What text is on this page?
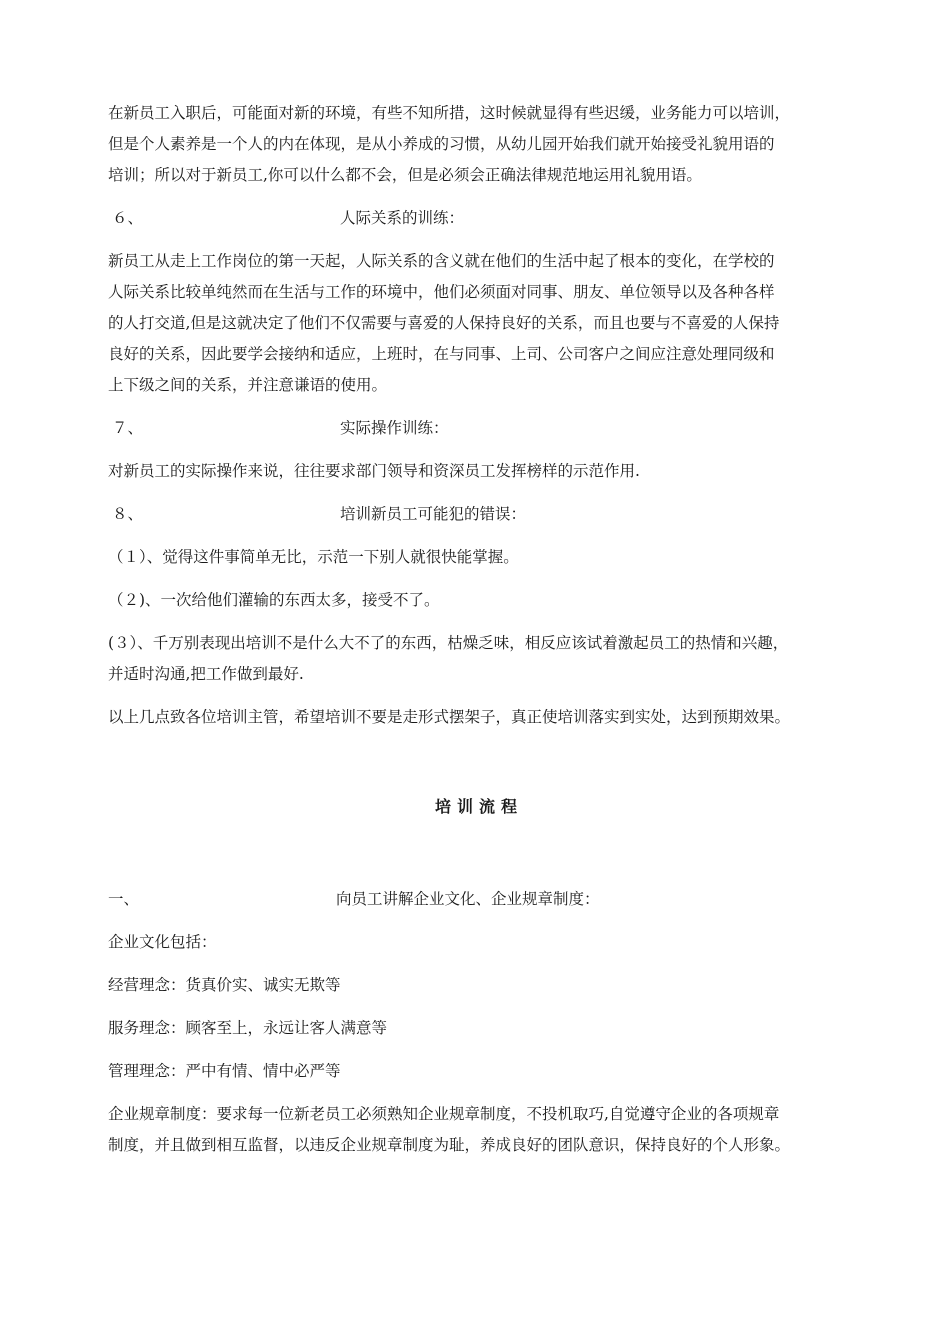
在新员工入职后，可能面对新的环境，有些不知所措，这时候就显得有些迟缓，业务能力可以培训，
但是个人素养是一个人的内在体现，是从小养成的习惯，从幼儿园开始我们就开始接受礼貌用语的
培训；所以对于新员工,你可以什么都不会，但是必须会正确法律规范地运用礼貌用语。

６、	人际关系的训练：

新员工从走上工作岗位的第一天起，人际关系的含义就在他们的生活中起了根本的变化，在学校的
人际关系比较单纯然而在生活与工作的环境中，他们必须面对同事、朋友、单位领导以及各种各样
的人打交道,但是这就决定了他们不仅需要与喜爱的人保持良好的关系，而且也要与不喜爱的人保持
良好的关系，因此要学会接纳和适应，上班时，在与同事、上司、公司客户之间应注意处理同级和
上下级之间的关系，并注意谦语的使用。

７、	实际操作训练：

对新员工的实际操作来说，往往要求部门领导和资深员工发挥榜样的示范作用.

８、	培训新员工可能犯的错误：

（１）、觉得这件事简单无比，示范一下别人就很快能掌握。

（２)、一次给他们灌输的东西太多，接受不了。

(３）、千万别表现出培训不是什么大不了的东西，枯燥乏味，相反应该试着激起员工的热情和兴趣，
并适时沟通,把工作做到最好.

以上几点致各位培训主管，希望培训不要是走形式摆架子，真正使培训落实到实处，达到预期效果。

培训流程
一、	向员工讲解企业文化、企业规章制度：

企业文化包括：

经营理念：货真价实、诚实无欺等

服务理念：顾客至上，永远让客人满意等

管理理念：严中有情、情中必严等

企业规章制度：要求每一位新老员工必须熟知企业规章制度，不投机取巧,自觉遵守企业的各项规章
制度，并且做到相互监督，以违反企业规章制度为耻，养成良好的团队意识，保持良好的个人形象。
